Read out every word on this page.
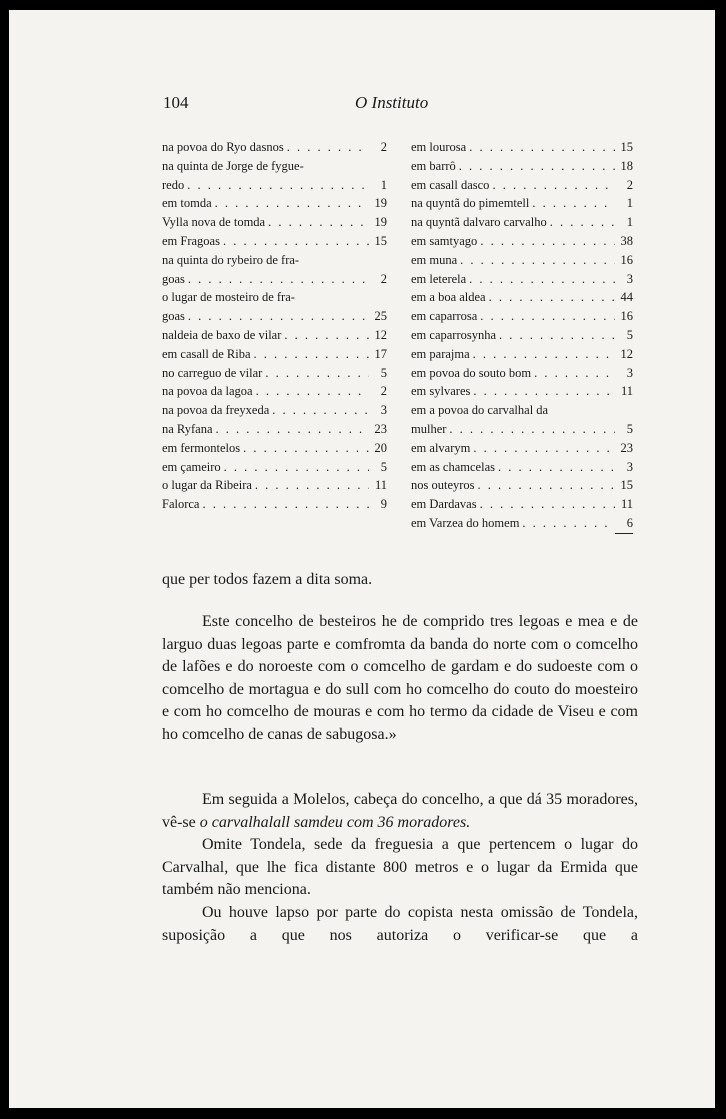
104	O Instituto
na povoa do Ryo dasnos . . .	2
na quinta de Jorge de fygue-
redo . . .	1
em tomda . . .	19
Vylla nova de tomda . . .	19
em Fragoas . . .	15
na quinta do rybeiro de fra-
goas . . .	2
o lugar de mosteiro de fra-
goas . . .	25
naldeia de baxo de vilar . . .	12
em casall de Riba . . .	17
no carreguo de vilar . . .	5
na povoa da lagoa . . .	2
na povoa da freyxeda . . .	3
na Ryfana . . .	23
em fermontelos . . .	20
em çameiro . . .	5
o lugar da Ribeira . . .	11
Falorca . . .	9
em lourosa . . .	15
em barrô . . .	18
em casall dasco . . .	2
na quyntã do pimemtell . . .	1
na quyntã dalvaro carvalho . . .	1
em samtyago . . .	38
em muna . . .	16
em leterela . . .	3
em a boa aldea . . .	44
em caparrosa . . .	16
em caparrosynha . . .	5
em parajma . . .	12
em povoa do souto bom . . .	3
em sylvares . . .	11
em a povoa do carvalhal da
mulher . . .	5
em alvarym . . .	23
em as chamcelas . . .	3
nos outeyros . . .	15
em Dardavas . . .	11
em Varzea do homem . . .	6

que per todos fazem a dita soma.

Este concelho de besteiros he de comprido tres legoas e mea e de larguo duas legoas parte e comfromta da banda do norte com o comcelho de lafões e do noroeste com o comcelho de gardam e do sudoeste com o comcelho de mortagua e do sull com ho comcelho do couto do moesteiro e com ho comcelho de mouras e com ho termo da cidade de Viseu e com ho comcelho de canas de sabugosa.»

Em seguida a Molelos, cabeça do concelho, a que dá 35 moradores, vê-se o carvalhalall samdeu com 36 moradores.

Omite Tondela, sede da freguesia a que pertencem o lugar do Carvalhal, que lhe fica distante 800 metros e o lugar da Ermida que também não menciona.

Ou houve lapso por parte do copista nesta omissão de Tondela, suposição a que nos autoriza o verificar-se que a
